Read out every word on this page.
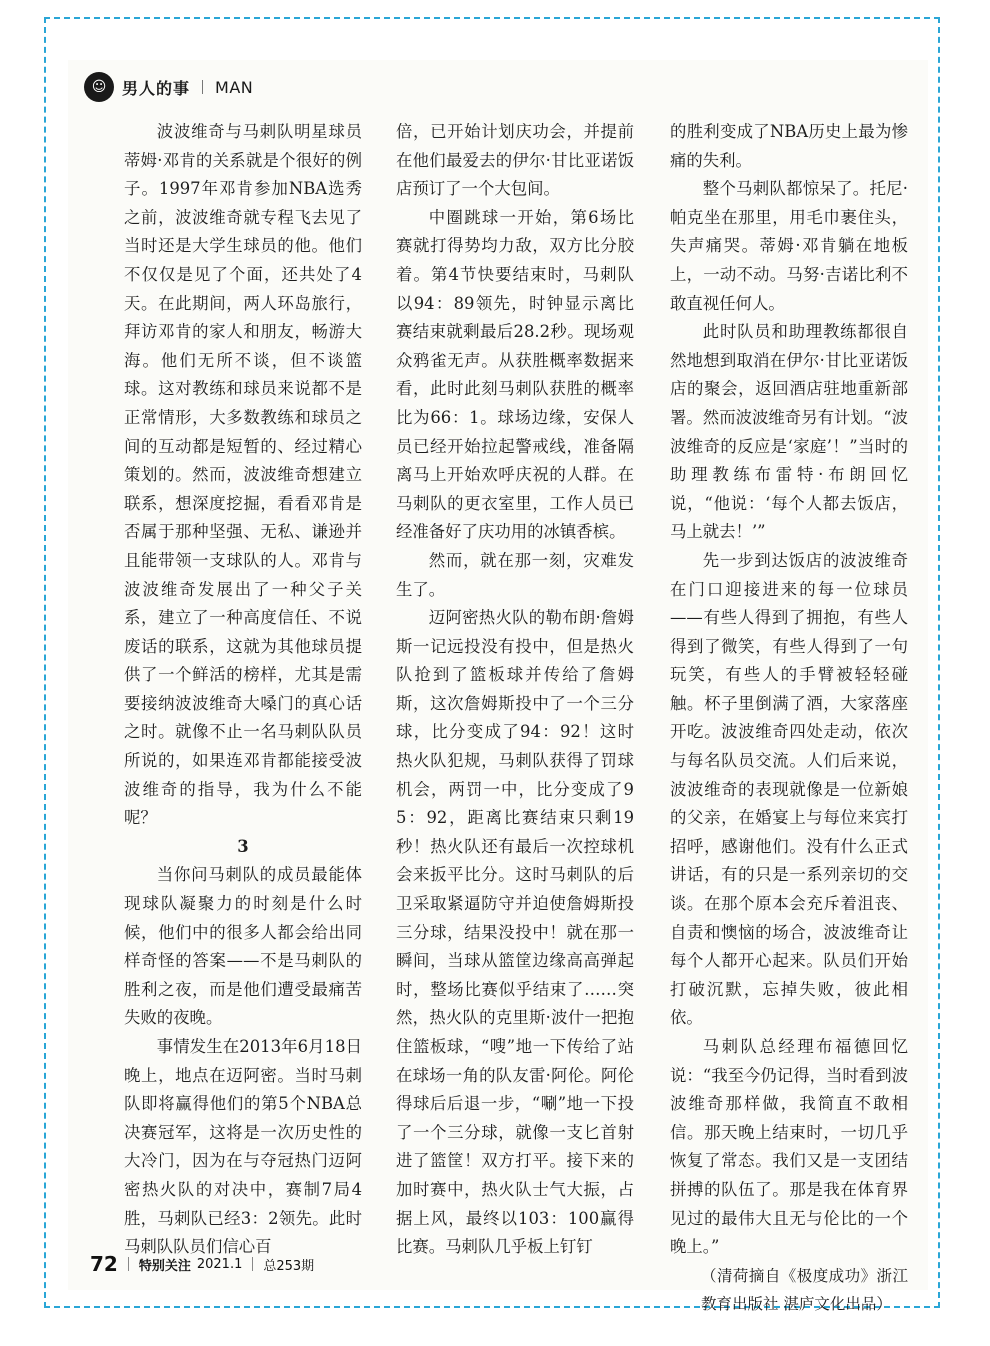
☺ 男人的事 MAN

波波维奇与马刺队明星球员蒂姆·邓肯的关系就是个很好的例子。1997年邓肯参加NBA选秀之前，波波维奇就专程飞去见了当时还是大学生球员的他。他们不仅仅是见了个面，还共处了4天。在此期间，两人环岛旅行，拜访邓肯的家人和朋友，畅游大海。他们无所不谈，但不谈篮球。这对教练和球员来说都不是正常情形，大多数教练和球员之间的互动都是短暂的、经过精心策划的。然而，波波维奇想建立联系，想深度挖掘，看看邓肯是否属于那种坚强、无私、谦逊并且能带领一支球队的人。邓肯与波波维奇发展出了一种父子关系，建立了一种高度信任、不说废话的联系，这就为其他球员提供了一个鲜活的榜样，尤其是需要接纳波波维奇大嗓门的真心话之时。就像不止一名马刺队队员所说的，如果连邓肯都能接受波波维奇的指导，我为什么不能呢？

3

当你问马刺队的成员最能体现球队凝聚力的时刻是什么时候，他们中的很多人都会给出同样奇怪的答案——不是马刺队的胜利之夜，而是他们遭受最痛苦失败的夜晚。

事情发生在2013年6月18日晚上，地点在迈阿密。当时马刺队即将赢得他们的第5个NBA总决赛冠军，这将是一次历史性的大冷门，因为在与夺冠热门迈阿密热火队的对决中，赛制7局4胜，马刺队已经3：2领先。此时马刺队队员们信心百

倍，已开始计划庆功会，并提前在他们最爱去的伊尔·甘比亚诺饭店预订了一个大包间。

中圈跳球一开始，第6场比赛就打得势均力敌，双方比分胶着。第4节快要结束时，马刺队以94：89领先，时钟显示离比赛结束就剩最后28.2秒。现场观众鸦雀无声。从获胜概率数据来看，此时此刻马刺队获胜的概率比为66：1。球场边缘，安保人员已经开始拉起警戒线，准备隔离马上开始欢呼庆祝的人群。在马刺队的更衣室里，工作人员已经准备好了庆功用的冰镇香槟。

然而，就在那一刻，灾难发生了。

迈阿密热火队的勒布朗·詹姆斯一记远投没有投中，但是热火队抢到了篮板球并传给了詹姆斯，这次詹姆斯投中了一个三分球，比分变成了94：92！这时热火队犯规，马刺队获得了罚球机会，两罚一中，比分变成了95：92，距离比赛结束只剩19秒！热火队还有最后一次控球机会来扳平比分。这时马刺队的后卫采取紧逼防守并迫使詹姆斯投三分球，结果没投中！就在那一瞬间，当球从篮筐边缘高高弹起时，整场比赛似乎结束了……突然，热火队的克里斯·波什一把抱住篮板球，“嗖”地一下传给了站在球场一角的队友雷·阿伦。阿伦得球后后退一步，“唰”地一下投了一个三分球，就像一支匕首射进了篮筐！双方打平。接下来的加时赛中，热火队士气大振，占据上风，最终以103：100赢得比赛。马刺队几乎板上钉钉

的胜利变成了NBA历史上最为惨痛的失利。

整个马刺队都惊呆了。托尼·帕克坐在那里，用毛巾裹住头，失声痛哭。蒂姆·邓肯躺在地板上，一动不动。马努·吉诺比利不敢直视任何人。

此时队员和助理教练都很自然地想到取消在伊尔·甘比亚诺饭店的聚会，返回酒店驻地重新部署。然而波波维奇另有计划。“波波维奇的反应是‘家庭’！”当时的助理教练布雷特·布朗回忆说，“他说：‘每个人都去饭店，马上就去！’”

先一步到达饭店的波波维奇在门口迎接进来的每一位球员——有些人得到了拥抱，有些人得到了微笑，有些人得到了一句玩笑，有些人的手臂被轻轻碰触。杯子里倒满了酒，大家落座开吃。波波维奇四处走动，依次与每名队员交流。人们后来说，波波维奇的表现就像是一位新娘的父亲，在婚宴上与每位来宾打招呼，感谢他们。没有什么正式讲话，有的只是一系列亲切的交谈。在那个原本会充斥着沮丧、自责和懊恼的场合，波波维奇让每个人都开心起来。队员们开始打破沉默，忘掉失败，彼此相依。

马刺队总经理布福德回忆说：“我至今仍记得，当时看到波波维奇那样做，我简直不敢相信。那天晚上结束时，一切几乎恢复了常态。我们又是一支团结拼搏的队伍了。那是我在体育界见过的最伟大且无与伦比的一个晚上。”

（清荷摘自《极度成功》浙江教育出版社 湛庐文化出品）

72 特别关注 2021.1 总253期
